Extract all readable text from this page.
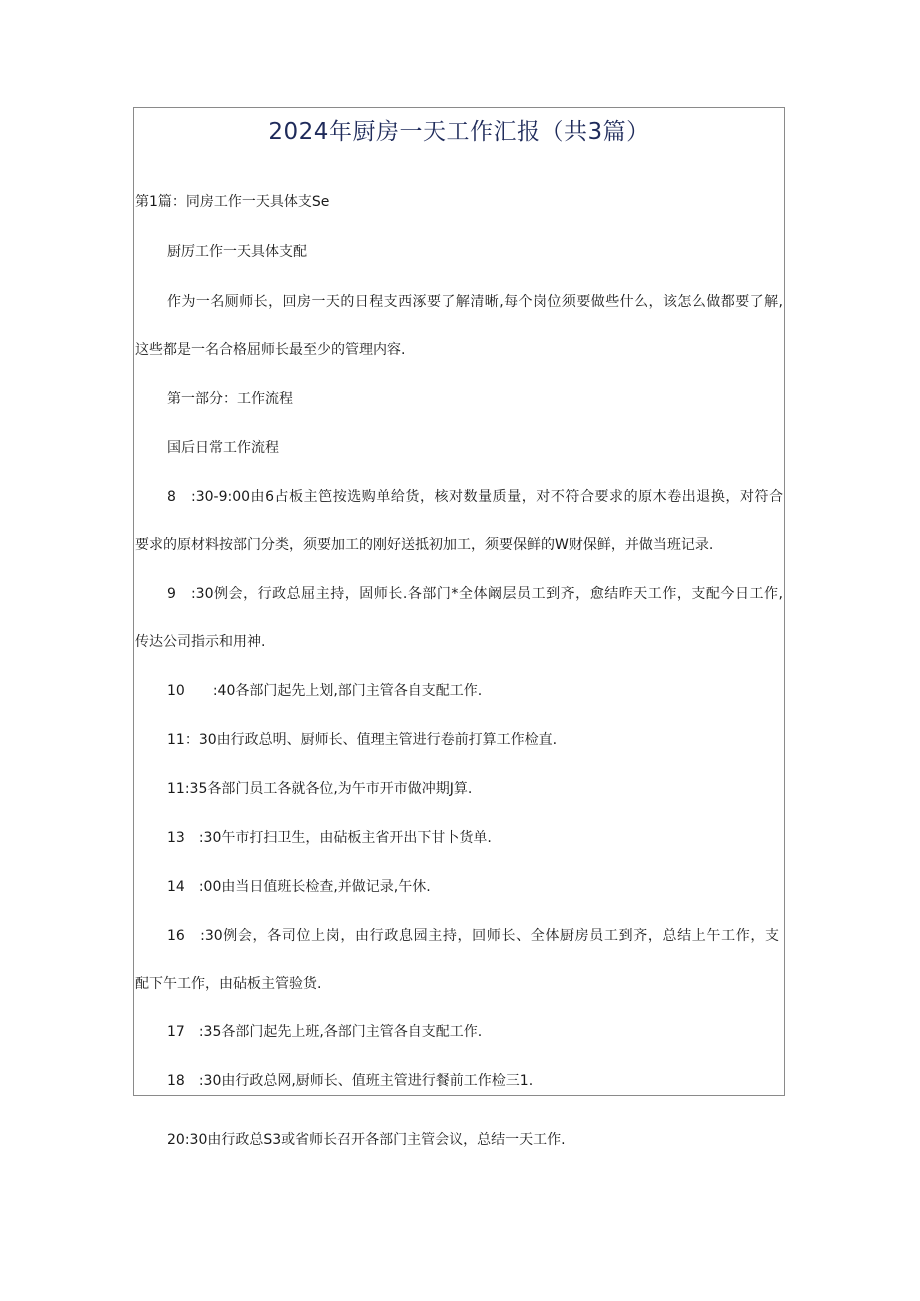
2024年厨房一天工作汇报（共3篇）
第1篇：同房工作一天具体支Se
厨厉工作一天具体支配
作为一名厕师长，回房一天的日程支西涿要了解清晰,每个岗位须要做些什么，该怎么做都要了解,
这些都是一名合格屈师长最至少的管理内容.
第一部分：工作流程
国后日常工作流程
8　:30-9:00由6占板主笆按选购单给货，核对数量质量，对不符合要求的原木卷出退换，对符合
要求的原材料按部门分类，须要加工的刚好送抵初加工，须要保鲜的W财保鲜，并做当班记录.
9　:30例会，行政总屈主持，固师长.各部门*全体阚层员工到齐，愈结昨天工作，支配今日工作,
传达公司指示和用神.
10　　:40各部门起先上划,部门主管各自支配工作.
11：30由行政总明、厨师长、值理主管进行卷前打算工作检直.
11:35各部门员工各就各位,为午市开市做冲期J算.
13　:30午市打扫卫生，由砧板主省开出下甘卜货单.
14　:00由当日值班长检查,并做记录,午休.
16　:30例会，各司位上岗，由行政息园主持，回师长、全体厨房员工到齐，总结上午工作，支
配下午工作，由砧板主管验货.
17　:35各部门起先上班,各部门主管各自支配工作.
18　:30由行政总网,厨师长、值班主管进行餐前工作检三1.
20:30由行政总S3或省师长召开各部门主管会议，总结一天工作.
